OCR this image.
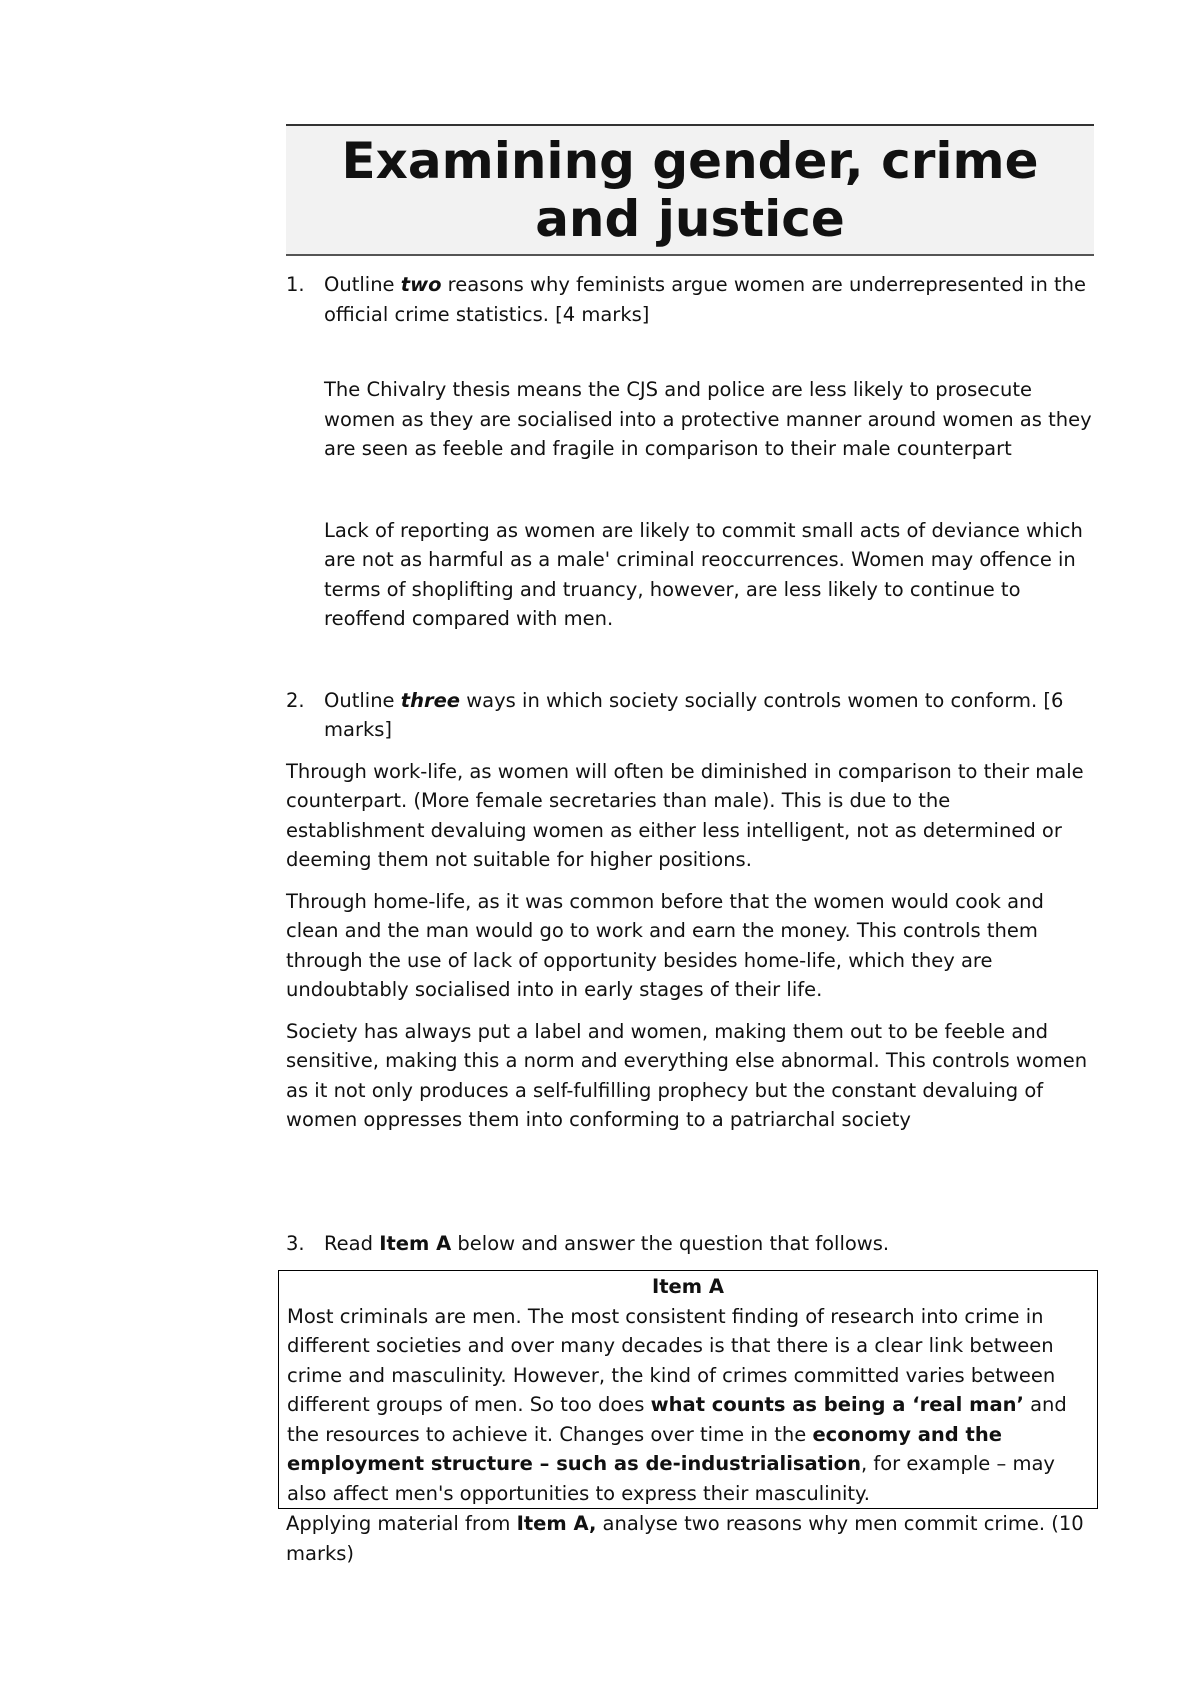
Examining gender, crime and justice
1. Outline two reasons why feminists argue women are underrepresented in the official crime statistics. [4 marks]

The Chivalry thesis means the CJS and police are less likely to prosecute women as they are socialised into a protective manner around women as they are seen as feeble and fragile in comparison to their male counterpart

Lack of reporting as women are likely to commit small acts of deviance which are not as harmful as a male' criminal reoccurrences. Women may offence in terms of shoplifting and truancy, however, are less likely to continue to reoffend compared with men.

2. Outline three ways in which society socially controls women to conform. [6 marks]

Through work-life, as women will often be diminished in comparison to their male counterpart. (More female secretaries than male). This is due to the establishment devaluing women as either less intelligent, not as determined or deeming them not suitable for higher positions.

Through home-life, as it was common before that the women would cook and clean and the man would go to work and earn the money. This controls them through the use of lack of opportunity besides home-life, which they are undoubtably socialised into in early stages of their life.

Society has always put a label and women, making them out to be feeble and sensitive, making this a norm and everything else abnormal. This controls women as it not only produces a self-fulfilling prophecy but the constant devaluing of women oppresses them into conforming to a patriarchal society

3. Read Item A below and answer the question that follows.
Item A

Most criminals are men. The most consistent finding of research into crime in different societies and over many decades is that there is a clear link between crime and masculinity. However, the kind of crimes committed varies between different groups of men. So too does what counts as being a ‘real man’ and the resources to achieve it. Changes over time in the economy and the employment structure – such as de-industrialisation, for example – may also affect men's opportunities to express their masculinity.

Applying material from Item A, analyse two reasons why men commit crime. (10 marks)
